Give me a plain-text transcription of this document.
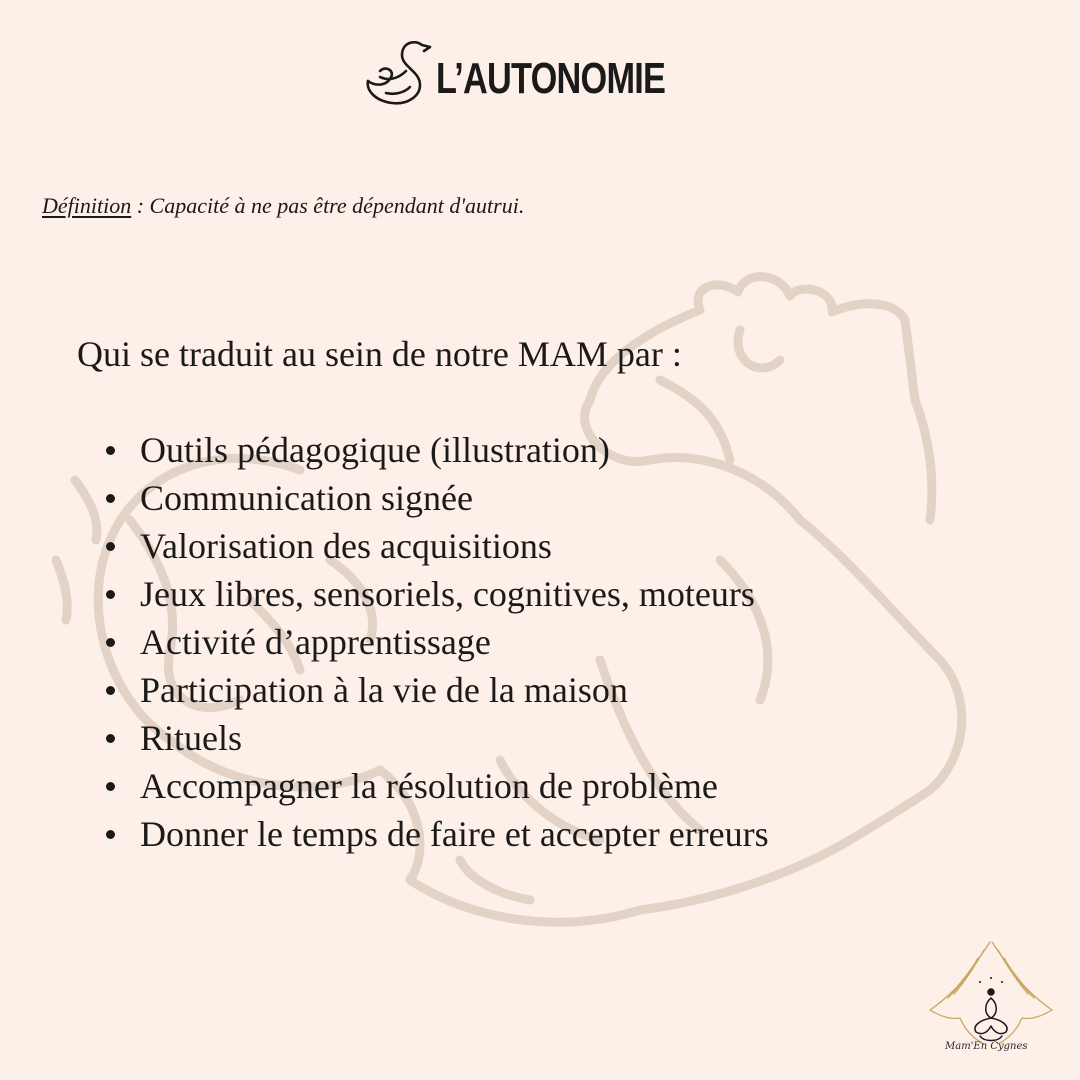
L’AUTONOMIE
Définition : Capacité à ne pas être dépendant d'autrui.
Qui se traduit au sein de notre MAM par :
Outils pédagogique (illustration)
Communication signée
Valorisation des acquisitions
Jeux libres, sensoriels, cognitives, moteurs
Activité d’apprentissage
Participation à la vie de la maison
Rituels
Accompagner la résolution de problème
Donner le temps de faire et accepter erreurs
Mam'En Cygnes
